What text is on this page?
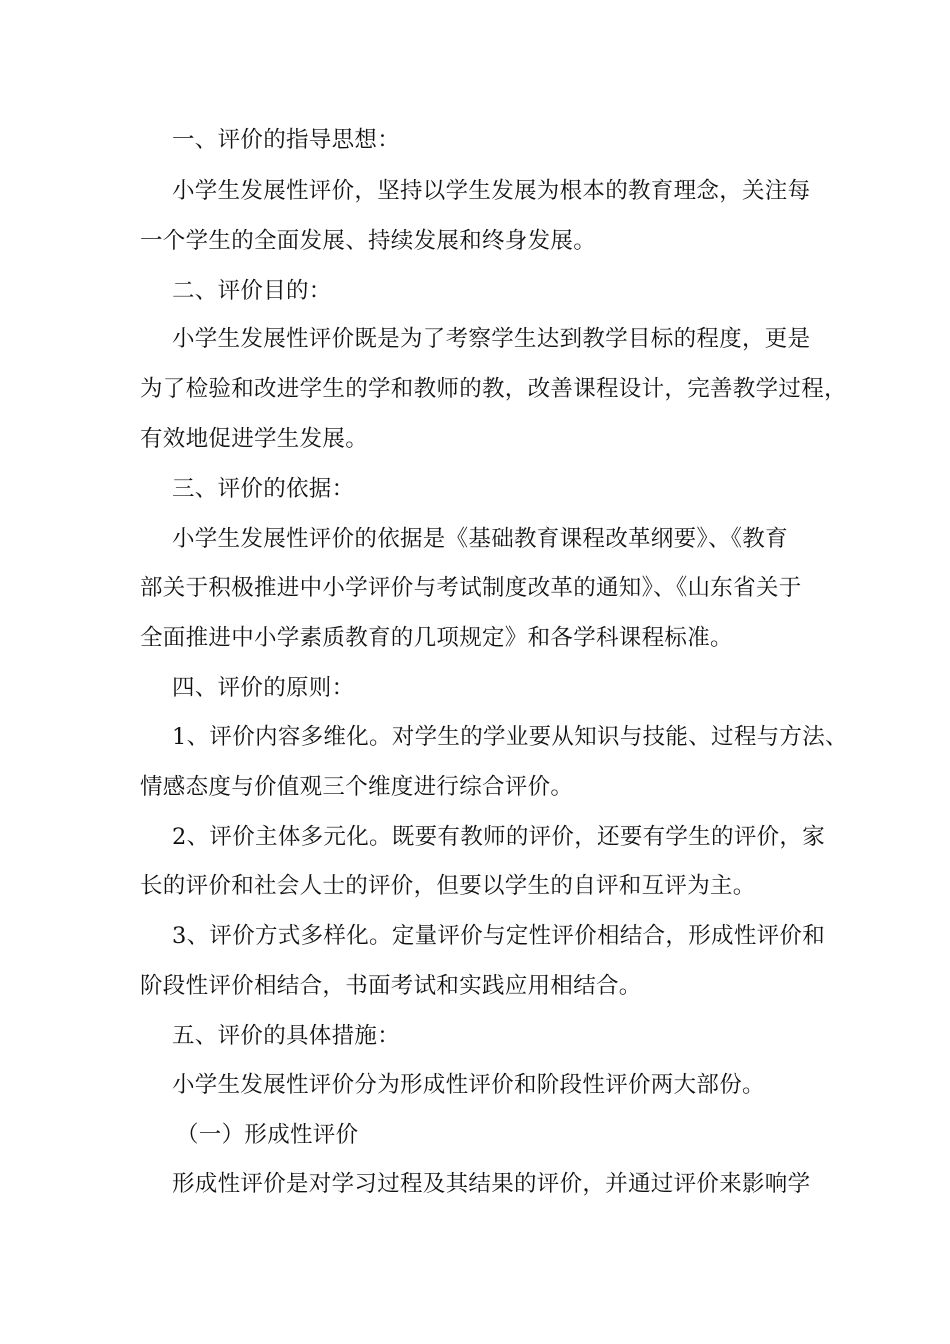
一、评价的指导思想：
小学生发展性评价，坚持以学生发展为根本的教育理念，关注每
一个学生的全面发展、持续发展和终身发展。
二、评价目的：
小学生发展性评价既是为了考察学生达到教学目标的程度，更是
为了检验和改进学生的学和教师的教，改善课程设计，完善教学过程，
有效地促进学生发展。
三、评价的依据：
小学生发展性评价的依据是《基础教育课程改革纲要》、《教育
部关于积极推进中小学评价与考试制度改革的通知》、《山东省关于
全面推进中小学素质教育的几项规定》和各学科课程标准。
四、评价的原则：
1、评价内容多维化。对学生的学业要从知识与技能、过程与方法、
情感态度与价值观三个维度进行综合评价。
2、评价主体多元化。既要有教师的评价，还要有学生的评价，家
长的评价和社会人士的评价，但要以学生的自评和互评为主。
3、评价方式多样化。定量评价与定性评价相结合，形成性评价和
阶段性评价相结合，书面考试和实践应用相结合。
五、评价的具体措施：
小学生发展性评价分为形成性评价和阶段性评价两大部份。
（一）形成性评价
形成性评价是对学习过程及其结果的评价，并通过评价来影响学
